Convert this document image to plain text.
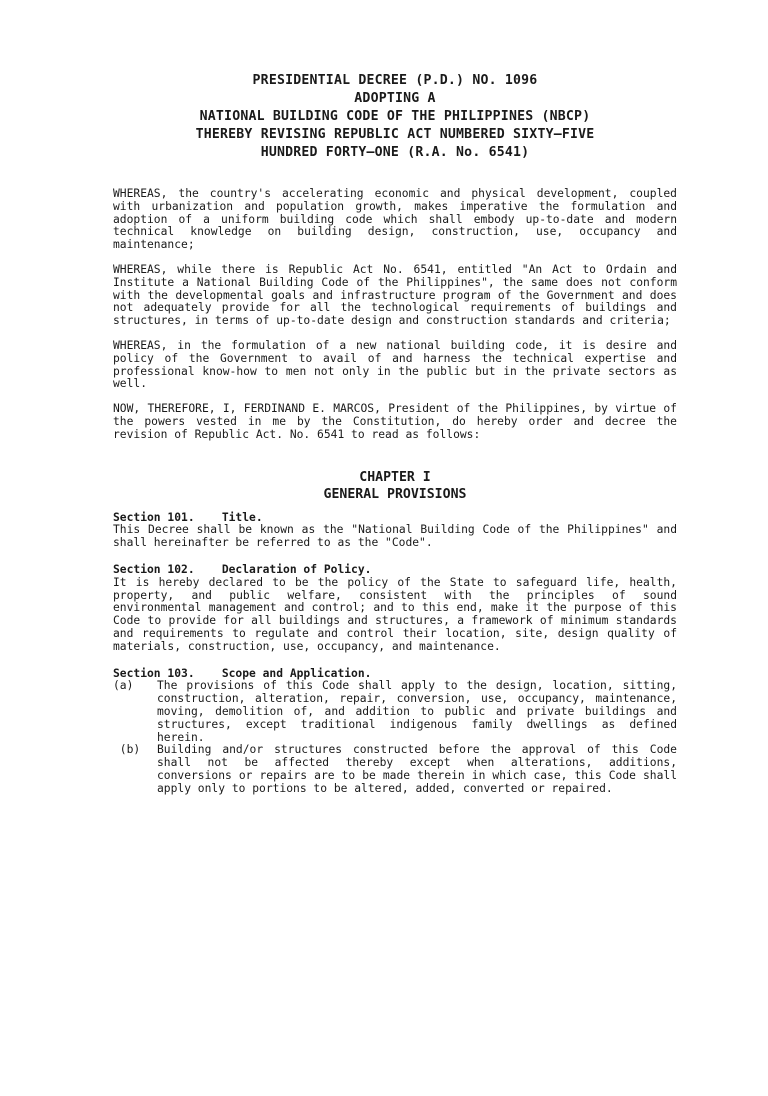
PRESIDENTIAL DECREE (P.D.) NO. 1096
ADOPTING A
NATIONAL BUILDING CODE OF THE PHILIPPINES (NBCP)
THEREBY REVISING REPUBLIC ACT NUMBERED SIXTY–FIVE
HUNDRED FORTY–ONE (R.A. No. 6541)

WHEREAS, the country's accelerating economic and physical development, coupled with urbanization and population growth, makes imperative the formulation and adoption of a uniform building code which shall embody up-to-date and modern technical knowledge on building design, construction, use, occupancy and maintenance;

WHEREAS, while there is Republic Act No. 6541, entitled "An Act to Ordain and Institute a National Building Code of the Philippines", the same does not conform with the developmental goals and infrastructure program of the Government and does not adequately provide for all the technological requirements of buildings and structures, in terms of up-to-date design and construction standards and criteria;

WHEREAS, in the formulation of a new national building code, it is desire and policy of the Government to avail of and harness the technical expertise and professional know-how to men not only in the public but in the private sectors as well.

NOW, THEREFORE, I, FERDINAND E. MARCOS, President of the Philippines, by virtue of the powers vested in me by the Constitution, do hereby order and decree the revision of Republic Act. No. 6541 to read as follows:

CHAPTER I
GENERAL PROVISIONS
Section 101.    Title.

This Decree shall be known as the "National Building Code of the Philippines" and shall hereinafter be referred to as the "Code".

Section 102.    Declaration of Policy.

It is hereby declared to be the policy of the State to safeguard life, health, property, and public welfare, consistent with the principles of sound environmental management and control; and to this end, make it the purpose of this Code to provide for all buildings and structures, a framework of minimum standards and requirements to regulate and control their location, site, design quality of materials, construction, use, occupancy, and maintenance.

Section 103.    Scope and Application.
(a)	The provisions of this Code shall apply to the design, location, sitting, construction, alteration, repair, conversion, use, occupancy, maintenance, moving, demolition of, and addition to public and private buildings and structures, except traditional indigenous family dwellings as defined herein.
(b)	Building and/or structures constructed before the approval of this Code shall not be affected thereby except when alterations, additions, conversions or repairs are to be made therein in which case, this Code shall apply only to portions to be altered, added, converted or repaired.
